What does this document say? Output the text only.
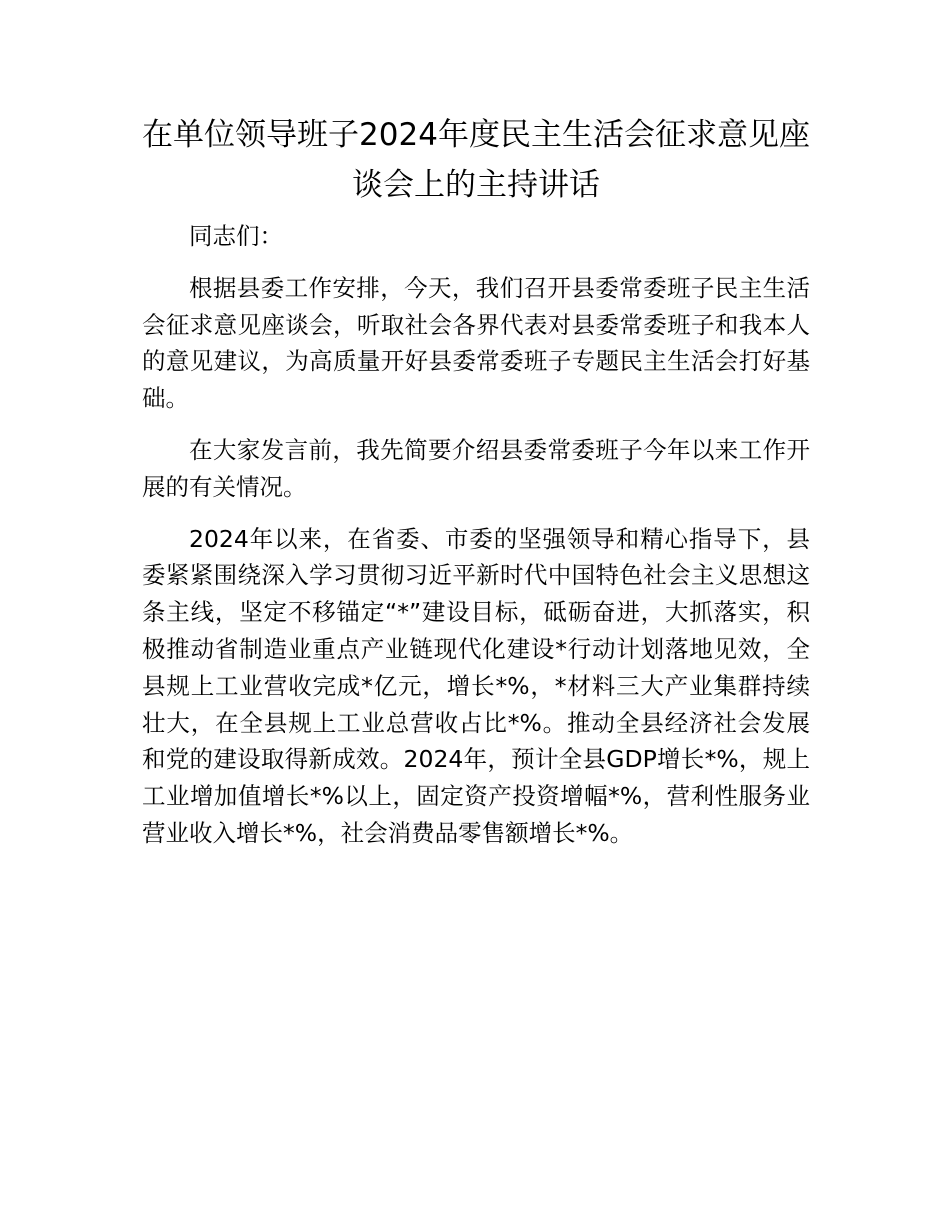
在单位领导班子2024年度民主生活会征求意见座谈会上的主持讲话

同志们：

根据县委工作安排，今天，我们召开县委常委班子民主生活会征求意见座谈会，听取社会各界代表对县委常委班子和我本人的意见建议，为高质量开好县委常委班子专题民主生活会打好基础。

在大家发言前，我先简要介绍县委常委班子今年以来工作开展的有关情况。

2024年以来，在省委、市委的坚强领导和精心指导下，县委紧紧围绕深入学习贯彻习近平新时代中国特色社会主义思想这条主线，坚定不移锚定“*”建设目标，砥砺奋进，大抓落实，积极推动省制造业重点产业链现代化建设*行动计划落地见效，全县规上工业营收完成*亿元，增长*%，*材料三大产业集群持续壮大，在全县规上工业总营收占比*%。推动全县经济社会发展和党的建设取得新成效。2024年，预计全县GDP增长*%，规上工业增加值增长*%以上，固定资产投资增幅*%，营利性服务业营业收入增长*%，社会消费品零售额增长*%。
